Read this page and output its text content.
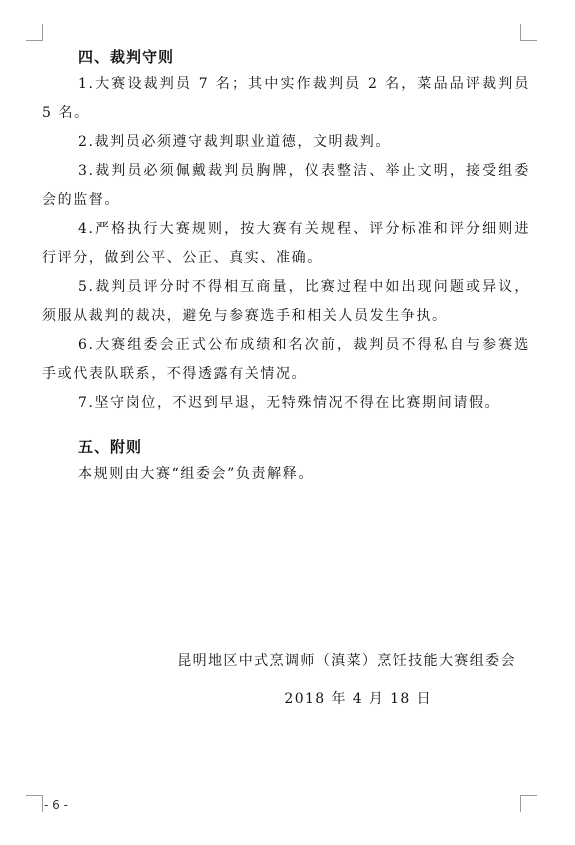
四、裁判守则

1.大赛设裁判员 7 名；其中实作裁判员 2 名，菜品品评裁判员 5 名。

2.裁判员必须遵守裁判职业道德，文明裁判。

3.裁判员必须佩戴裁判员胸牌，仪表整洁、举止文明，接受组委会的监督。

4.严格执行大赛规则，按大赛有关规程、评分标准和评分细则进行评分，做到公平、公正、真实、准确。

5.裁判员评分时不得相互商量，比赛过程中如出现问题或异议，须服从裁判的裁决，避免与参赛选手和相关人员发生争执。

6.大赛组委会正式公布成绩和名次前，裁判员不得私自与参赛选手或代表队联系，不得透露有关情况。

7.坚守岗位，不迟到早退，无特殊情况不得在比赛期间请假。

五、附则

本规则由大赛“组委会”负责解释。

昆明地区中式烹调师（滇菜）烹饪技能大赛组委会
2018 年 4 月 18 日
- 6 -
